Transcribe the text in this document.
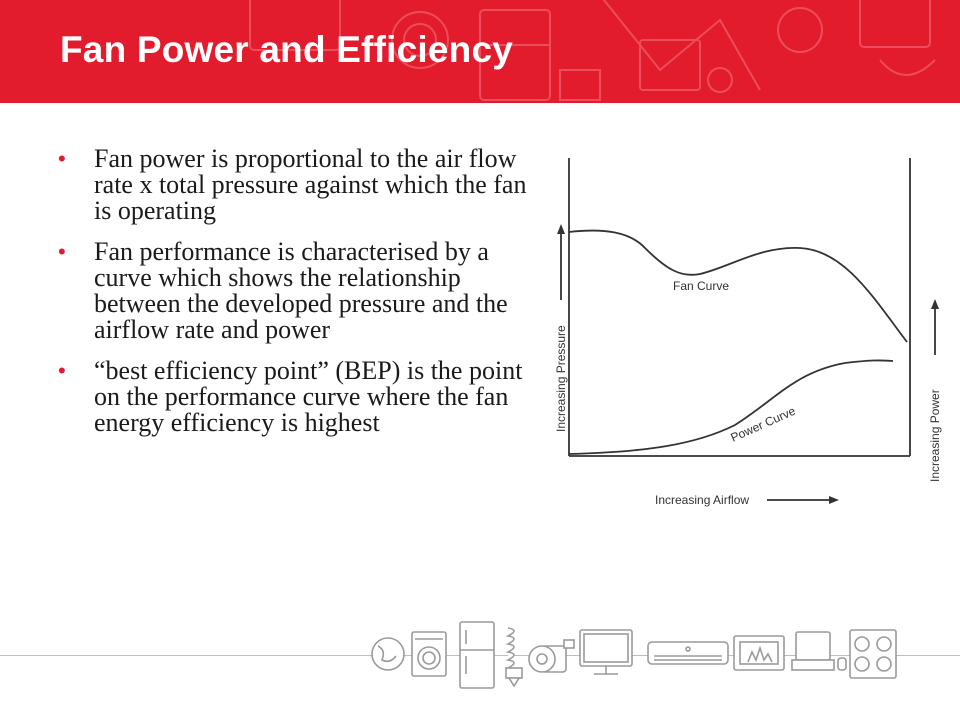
Fan Power and Efficiency
• Fan power is proportional to the air flow rate x total pressure against which the fan is operating
• Fan performance is characterised by a curve which shows the relationship between the developed pressure and the airflow rate and power
• “best efficiency point” (BEP) is the point on the performance curve where the fan energy efficiency is highest
Fan Curve
Power Curve
Increasing Airflow
Increasing Pressure
Increasing Power
